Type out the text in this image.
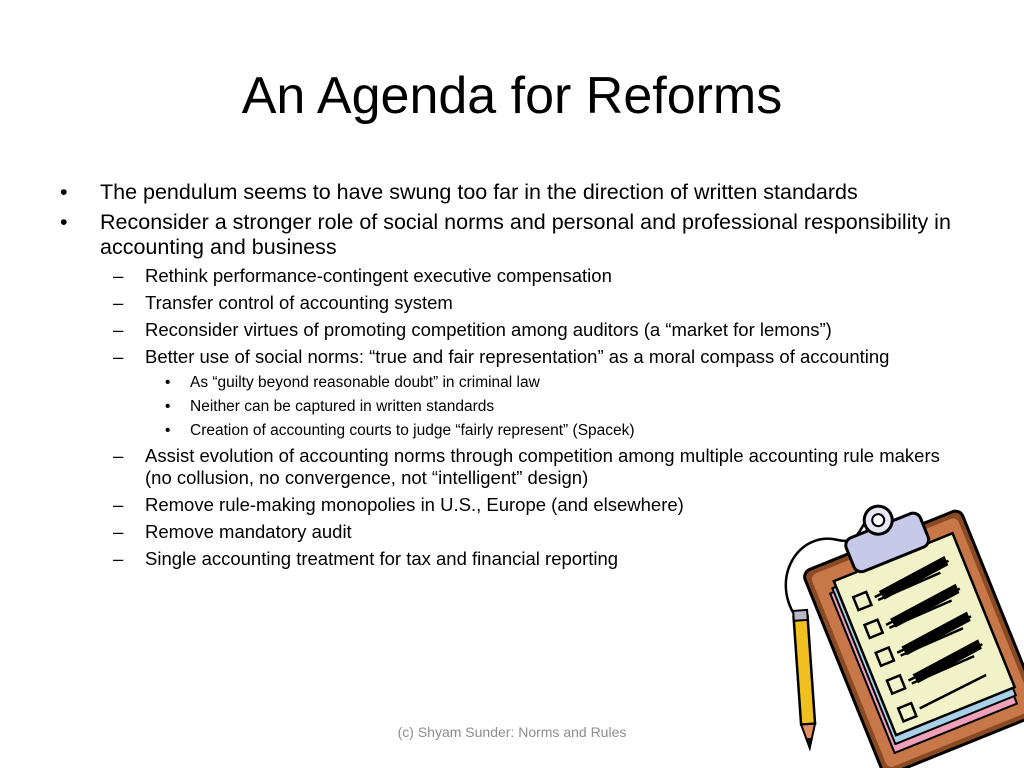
An Agenda for Reforms
• The pendulum seems to have swung too far in the direction of written standards
• Reconsider a stronger role of social norms and personal and professional responsibility in accounting and business
– Rethink performance-contingent executive compensation
– Transfer control of accounting system
– Reconsider virtues of promoting competition among auditors (a “market for lemons”)
– Better use of social norms: “true and fair representation” as a moral compass of accounting
• As “guilty beyond reasonable doubt” in criminal law
• Neither can be captured in written standards
• Creation of accounting courts to judge “fairly represent” (Spacek)
– Assist evolution of accounting norms through competition among multiple accounting rule makers (no collusion, no convergence, not “intelligent” design)
– Remove rule-making monopolies in U.S., Europe (and elsewhere)
– Remove mandatory audit
– Single accounting treatment for tax and financial reporting
(c) Shyam Sunder: Norms and Rules
